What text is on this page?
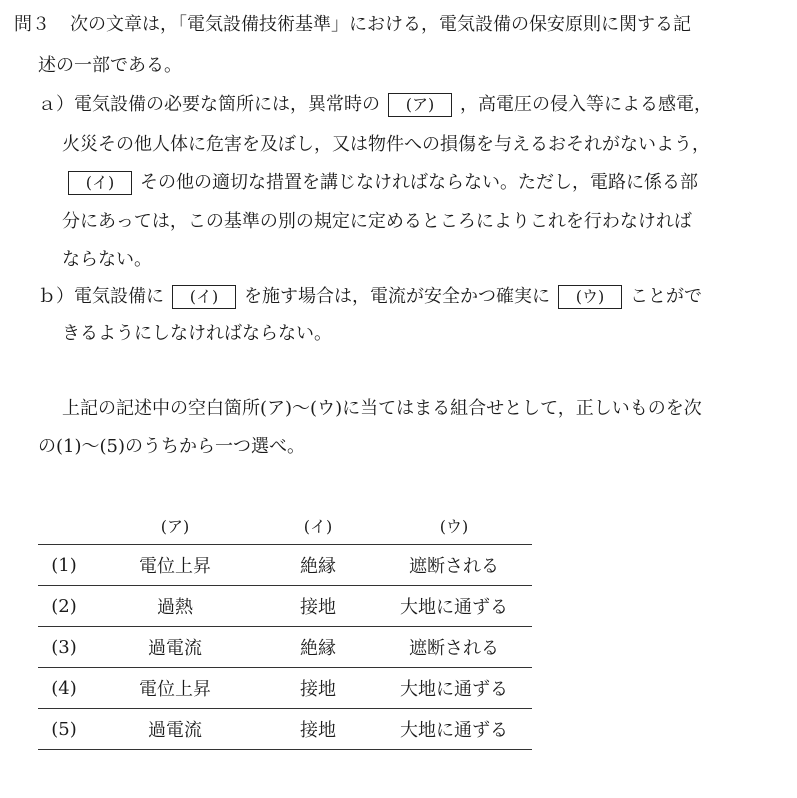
問３ 次の文章は，「電気設備技術基準」における，電気設備の保安原則に関する記
述の一部である。
ａ）電気設備の必要な箇所には，異常時の (ア) ，高電圧の侵入等による感電，
火災その他人体に危害を及ぼし，又は物件への損傷を与えるおそれがないよう，
(イ) その他の適切な措置を講じなければならない。ただし，電路に係る部
分にあっては，この基準の別の規定に定めるところによりこれを行わなければ
ならない。
ｂ）電気設備に (イ) を施す場合は，電流が安全かつ確実に (ウ) ことがで
きるようにしなければならない。
上記の記述中の空白箇所(ア)～(ウ)に当てはまる組合せとして，正しいものを次
の(1)～(5)のうちから一つ選べ。
	(ア)	(イ)	(ウ)
(1)	電位上昇	絶縁	遮断される
(2)	過熱	接地	大地に通ずる
(3)	過電流	絶縁	遮断される
(4)	電位上昇	接地	大地に通ずる
(5)	過電流	接地	大地に通ずる
